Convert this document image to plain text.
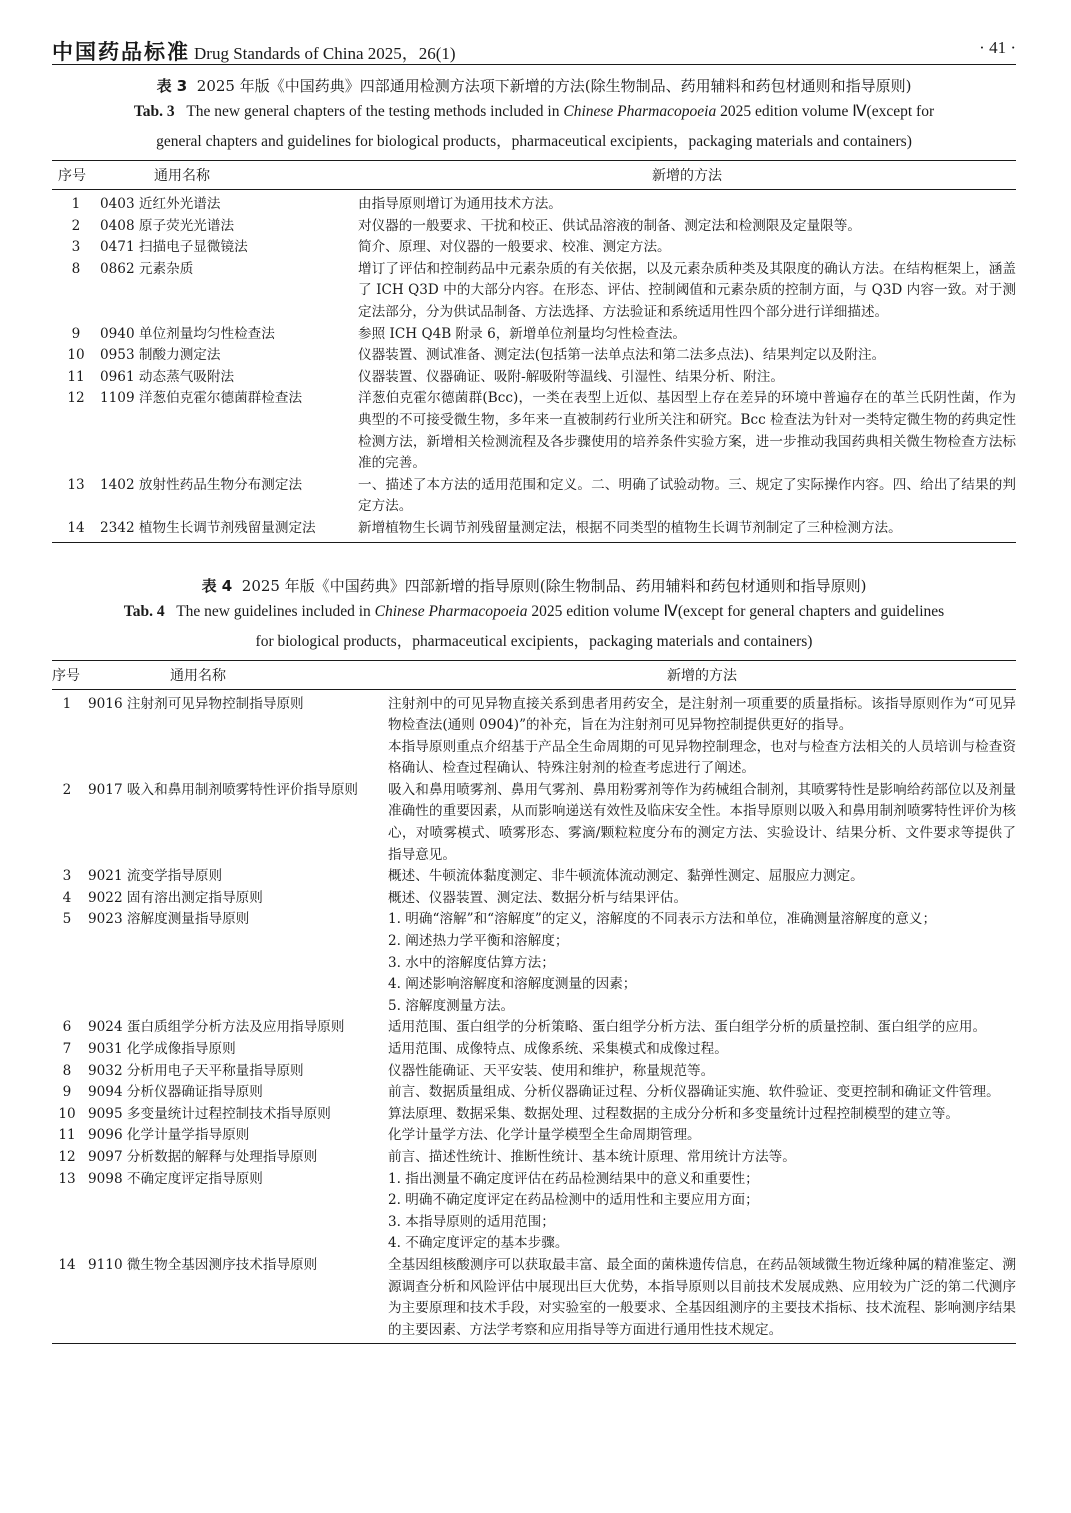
中国药品标准 Drug Standards of China 2025，26(1)	· 41 ·
表 3 2025 年版《中国药典》四部通用检测方法项下新增的方法(除生物制品、药用辅料和药包材通则和指导原则)
Tab. 3 The new general chapters of the testing methods included in Chinese Pharmacopoeia 2025 edition volume Ⅳ(except for
general chapters and guidelines for biological products，pharmaceutical excipients，packaging materials and containers)
序号	通用名称	新增的方法
1	0403 近红外光谱法	由指导原则增订为通用技术方法。
2	0408 原子荧光光谱法	对仪器的一般要求、干扰和校正、供试品溶液的制备、测定法和检测限及定量限等。
3	0471 扫描电子显微镜法	简介、原理、对仪器的一般要求、校准、测定方法。
8	0862 元素杂质	增订了评估和控制药品中元素杂质的有关依据，以及元素杂质种类及其限度的确认方法。在结构框架上，涵盖了 ICH Q3D 中的大部分内容。在形态、评估、控制阈值和元素杂质的控制方面，与 Q3D 内容一致。对于测定法部分，分为供试品制备、方法选择、方法验证和系统适用性四个部分进行详细描述。
9	0940 单位剂量均匀性检查法	参照 ICH Q4B 附录 6，新增单位剂量均匀性检查法。
10	0953 制酸力测定法	仪器装置、测试准备、测定法(包括第一法单点法和第二法多点法)、结果判定以及附注。
11	0961 动态蒸气吸附法	仪器装置、仪器确证、吸附-解吸附等温线、引湿性、结果分析、附注。
12	1109 洋葱伯克霍尔德菌群检查法	洋葱伯克霍尔德菌群(Bcc)，一类在表型上近似、基因型上存在差异的环境中普遍存在的革兰氏阴性菌，作为典型的不可接受微生物，多年来一直被制药行业所关注和研究。Bcc 检查法为针对一类特定微生物的药典定性检测方法，新增相关检测流程及各步骤使用的培养条件实验方案，进一步推动我国药典相关微生物检查方法标准的完善。
13	1402 放射性药品生物分布测定法	一、描述了本方法的适用范围和定义。二、明确了试验动物。三、规定了实际操作内容。四、给出了结果的判定方法。
14	2342 植物生长调节剂残留量测定法	新增植物生长调节剂残留量测定法，根据不同类型的植物生长调节剂制定了三种检测方法。
表 4 2025 年版《中国药典》四部新增的指导原则(除生物制品、药用辅料和药包材通则和指导原则)
Tab. 4 The new guidelines included in Chinese Pharmacopoeia 2025 edition volume Ⅳ(except for general chapters and guidelines
for biological products，pharmaceutical excipients，packaging materials and containers)
序号	通用名称	新增的方法
1	9016 注射剂可见异物控制指导原则	注射剂中的可见异物直接关系到患者用药安全，是注射剂一项重要的质量指标。该指导原则作为“可见异物检查法(通则 0904)”的补充，旨在为注射剂可见异物控制提供更好的指导。
本指导原则重点介绍基于产品全生命周期的可见异物控制理念，也对与检查方法相关的人员培训与检查资格确认、检查过程确认、特殊注射剂的检查考虑进行了阐述。

2	9017 吸入和鼻用制剂喷雾特性评价指导原则	吸入和鼻用喷雾剂、鼻用气雾剂、鼻用粉雾剂等作为药械组合制剂，其喷雾特性是影响给药部位以及剂量准确性的重要因素，从而影响递送有效性及临床安全性。本指导原则以吸入和鼻用制剂喷雾特性评价为核心，对喷雾模式、喷雾形态、雾滴/颗粒粒度分布的测定方法、实验设计、结果分析、文件要求等提供了指导意见。

3	9021 流变学指导原则	概述、牛顿流体黏度测定、非牛顿流体流动测定、黏弹性测定、屈服应力测定。

4	9022 固有溶出测定指导原则	概述、仪器装置、测定法、数据分析与结果评估。

5	9023 溶解度测量指导原则	1. 明确“溶解”和“溶解度”的定义，溶解度的不同表示方法和单位，准确测量溶解度的意义；
2. 阐述热力学平衡和溶解度；
3. 水中的溶解度估算方法；
4. 阐述影响溶解度和溶解度测量的因素；
5. 溶解度测量方法。

6	9024 蛋白质组学分析方法及应用指导原则	适用范围、蛋白组学的分析策略、蛋白组学分析方法、蛋白组学分析的质量控制、蛋白组学的应用。

7	9031 化学成像指导原则	适用范围、成像特点、成像系统、采集模式和成像过程。

8	9032 分析用电子天平称量指导原则	仪器性能确证、天平安装、使用和维护，称量规范等。

9	9094 分析仪器确证指导原则	前言、数据质量组成、分析仪器确证过程、分析仪器确证实施、软件验证、变更控制和确证文件管理。

10	9095 多变量统计过程控制技术指导原则	算法原理、数据采集、数据处理、过程数据的主成分分析和多变量统计过程控制模型的建立等。

11	9096 化学计量学指导原则	化学计量学方法、化学计量学模型全生命周期管理。

12	9097 分析数据的解释与处理指导原则	前言、描述性统计、推断性统计、基本统计原理、常用统计方法等。

13	9098 不确定度评定指导原则	1. 指出测量不确定度评估在药品检测结果中的意义和重要性；
2. 明确不确定度评定在药品检测中的适用性和主要应用方面；
3. 本指导原则的适用范围；
4. 不确定度评定的基本步骤。

14	9110 微生物全基因测序技术指导原则	全基因组核酸测序可以获取最丰富、最全面的菌株遗传信息，在药品领域微生物近缘种属的精准鉴定、溯源调查分析和风险评估中展现出巨大优势，本指导原则以目前技术发展成熟、应用较为广泛的第二代测序为主要原理和技术手段，对实验室的一般要求、全基因组测序的主要技术指标、技术流程、影响测序结果的主要因素、方法学考察和应用指导等方面进行通用性技术规定。
